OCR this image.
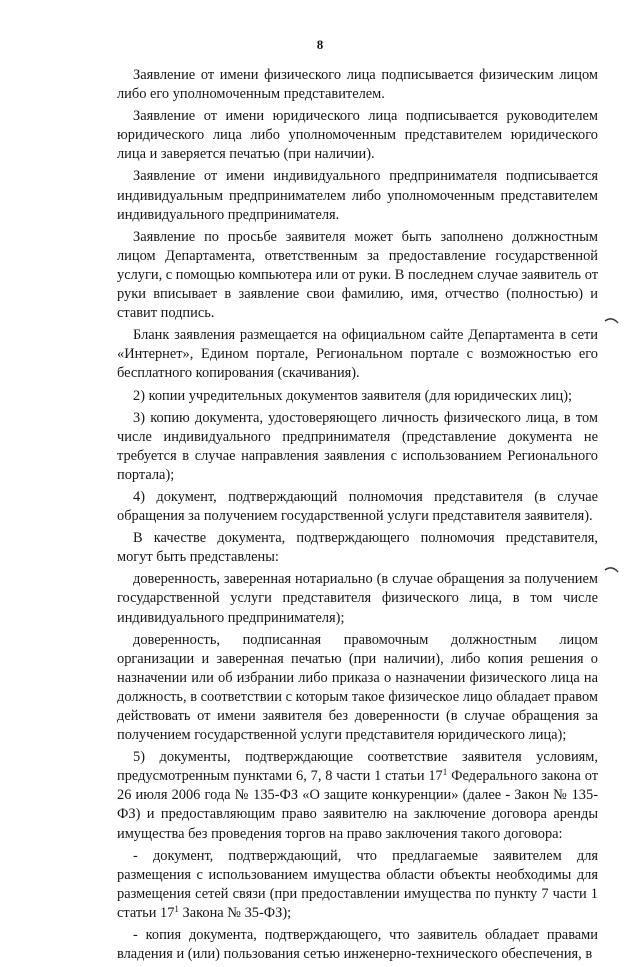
8

Заявление от имени физического лица подписывается физическим лицом либо его уполномоченным представителем.

Заявление от имени юридического лица подписывается руководителем юридического лица либо уполномоченным представителем юридического лица и заверяется печатью (при наличии).

Заявление от имени индивидуального предпринимателя подписывается индивидуальным предпринимателем либо уполномоченным представителем индивидуального предпринимателя.

Заявление по просьбе заявителя может быть заполнено должностным лицом Департамента, ответственным за предоставление государственной услуги, с помощью компьютера или от руки. В последнем случае заявитель от руки вписывает в заявление свои фамилию, имя, отчество (полностью) и ставит подпись.

Бланк заявления размещается на официальном сайте Департамента в сети «Интернет», Едином портале, Региональном портале с возможностью его бесплатного копирования (скачивания).

2) копии учредительных документов заявителя (для юридических лиц);

3) копию документа, удостоверяющего личность физического лица, в том числе индивидуального предпринимателя (представление документа не требуется в случае направления заявления с использованием Регионального портала);

4) документ, подтверждающий полномочия представителя (в случае обращения за получением государственной услуги представителя заявителя).

В качестве документа, подтверждающего полномочия представителя, могут быть представлены:

доверенность, заверенная нотариально (в случае обращения за получением государственной услуги представителя физического лица, в том числе индивидуального предпринимателя);

доверенность, подписанная правомочным должностным лицом организации и заверенная печатью (при наличии), либо копия решения о назначении или об избрании либо приказа о назначении физического лица на должность, в соответствии с которым такое физическое лицо обладает правом действовать от имени заявителя без доверенности (в случае обращения за получением государственной услуги представителя юридического лица);

5) документы, подтверждающие соответствие заявителя условиям, предусмотренным пунктами 6, 7, 8 части 1 статьи $17^1$ Федерального закона от 26 июля 2006 года № 135-ФЗ «О защите конкуренции» (далее - Закон № 135-ФЗ) и предоставляющим право заявителю на заключение договора аренды имущества без проведения торгов на право заключения такого договора:

- документ, подтверждающий, что предлагаемые заявителем для размещения с использованием имущества области объекты необходимы для размещения сетей связи (при предоставлении имущества по пункту 7 части 1 статьи $17^1$ Закона № 35-ФЗ);

- копия документа, подтверждающего, что заявитель обладает правами владения и (или) пользования сетью инженерно-технического обеспечения, в
